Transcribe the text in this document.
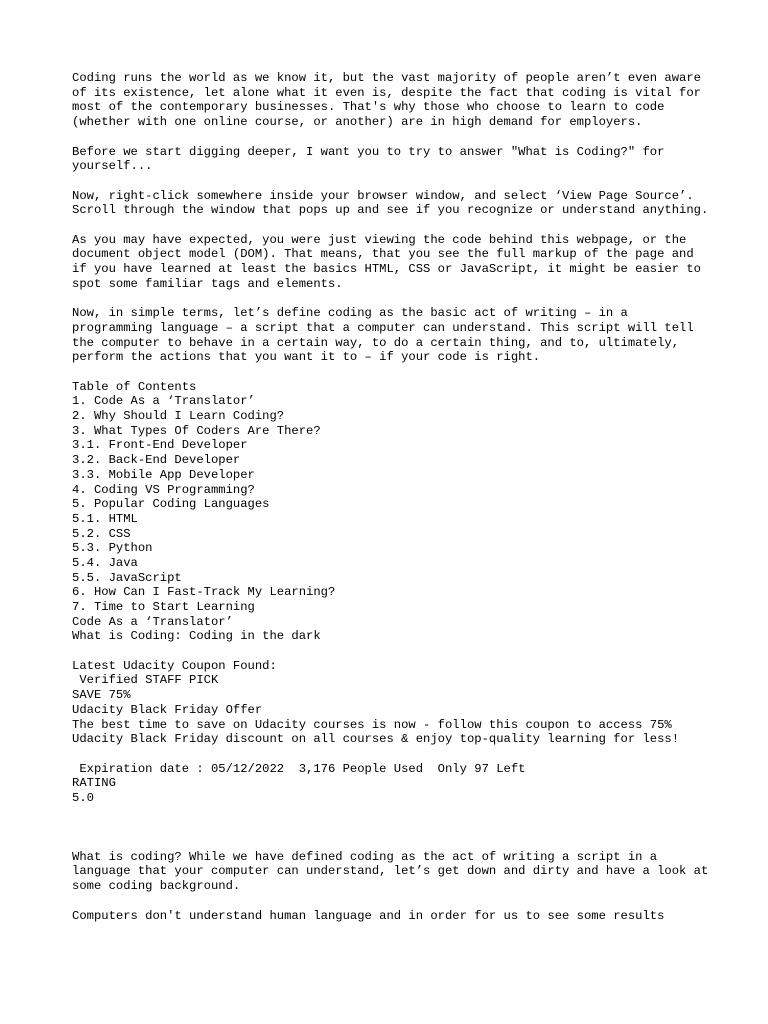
Coding runs the world as we know it, but the vast majority of people aren’t even aware of its existence, let alone what it even is, despite the fact that coding is vital for most of the contemporary businesses. That's why those who choose to learn to code (whether with one online course, or another) are in high demand for employers.

Before we start digging deeper, I want you to try to answer "What is Coding?" for yourself...

Now, right-click somewhere inside your browser window, and select ‘View Page Source’. Scroll through the window that pops up and see if you recognize or understand anything.

As you may have expected, you were just viewing the code behind this webpage, or the document object model (DOM). That means, that you see the full markup of the page and if you have learned at least the basics HTML, CSS or JavaScript, it might be easier to spot some familiar tags and elements.

Now, in simple terms, let’s define coding as the basic act of writing – in a programming language – a script that a computer can understand. This script will tell the computer to behave in a certain way, to do a certain thing, and to, ultimately, perform the actions that you want it to – if your code is right.

Table of Contents
1. Code As a ‘Translator’
2. Why Should I Learn Coding?
3. What Types Of Coders Are There?
3.1. Front-End Developer
3.2. Back-End Developer
3.3. Mobile App Developer
4. Coding VS Programming?
5. Popular Coding Languages
5.1. HTML
5.2. CSS
5.3. Python
5.4. Java
5.5. JavaScript
6. How Can I Fast-Track My Learning?
7. Time to Start Learning
Code As a ‘Translator’
What is Coding: Coding in the dark
Latest Udacity Coupon Found:
Verified STAFF PICK
SAVE 75%
Udacity Black Friday Offer
The best time to save on Udacity courses is now - follow this coupon to access 75%
Udacity Black Friday discount on all courses & enjoy top-quality learning for less!
Expiration date : 05/12/2022  3,176 People Used  Only 97 Left
RATING
5.0

What is coding? While we have defined coding as the act of writing a script in a language that your computer can understand, let’s get down and dirty and have a look at some coding background.

Computers don't understand human language and in order for us to see some results
